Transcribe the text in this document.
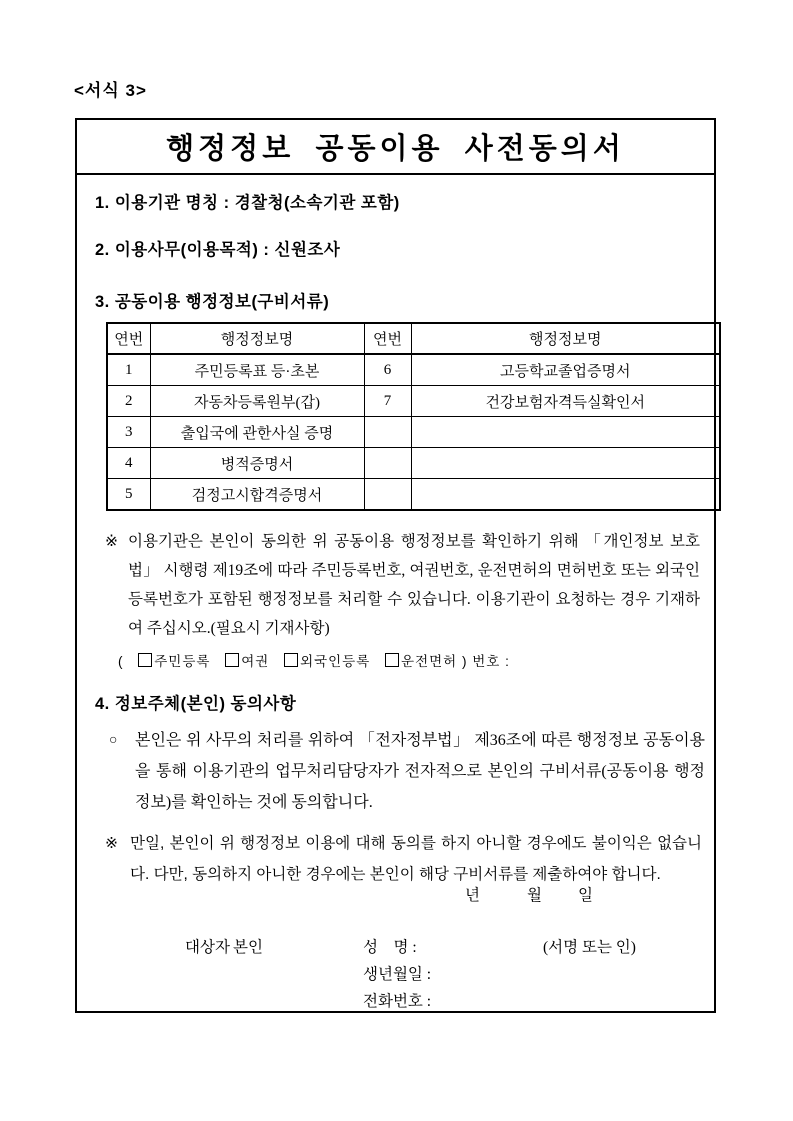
<서식 3>
행정정보 공동이용 사전동의서
1. 이용기관 명칭 : 경찰청(소속기관 포함)
2. 이용사무(이용목적) : 신원조사
3. 공동이용 행정정보(구비서류)
연번	행정정보명	연번	행정정보명
1	주민등록표 등·초본	6	고등학교졸업증명서
2	자동차등록원부(갑)	7	건강보험자격득실확인서
3	출입국에 관한사실 증명		
4	병적증명서		
5	검정고시합격증명서		
※ 이용기관은 본인이 동의한 위 공동이용 행정정보를 확인하기 위해 「개인정보 보호법」 시행령 제19조에 따라 주민등록번호, 여권번호, 운전면허의 면허번호 또는 외국인등록번호가 포함된 행정정보를 처리할 수 있습니다. 이용기관이 요청하는 경우 기재하여 주십시오.(필요시 기재사항)
( 주민등록 여권 외국인등록 운전면허 ) 번호 :
4. 정보주체(본인) 동의사항
○ 본인은 위 사무의 처리를 위하여 「전자정부법」 제36조에 따른 행정정보 공동이용을 통해 이용기관의 업무처리담당자가 전자적으로 본인의 구비서류(공동이용 행정정보)를 확인하는 것에 동의합니다.
※ 만일, 본인이 위 행정정보 이용에 대해 동의를 하지 아니할 경우에도 불이익은 없습니다. 다만, 동의하지 아니한 경우에는 본인이 해당 구비서류를 제출하여야 합니다.
년	월 일
대상자 본인	성    명 :	(서명 또는 인)
생년월일 :
전화번호 :
